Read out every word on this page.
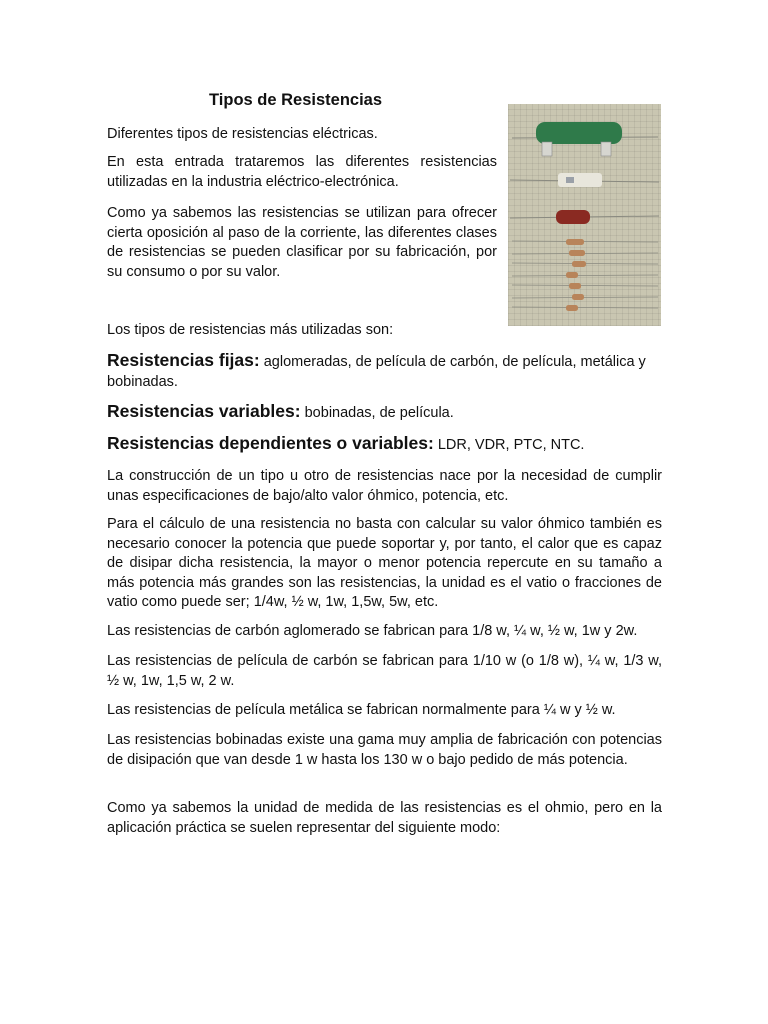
Tipos de Resistencias

Diferentes tipos de resistencias eléctricas.

En esta entrada trataremos las diferentes resistencias utilizadas en la industria eléctrico-electrónica.

Como ya sabemos las resistencias se utilizan para ofrecer cierta oposición al paso de la corriente, las diferentes clases de resistencias se pueden clasificar por su fabricación, por su consumo o por su valor.

Los tipos de resistencias más utilizadas son:

Resistencias fijas: aglomeradas, de película de carbón, de película, metálica y bobinadas.

Resistencias variables: bobinadas, de película.

Resistencias dependientes o variables: LDR, VDR, PTC, NTC.

La construcción de un tipo u otro de resistencias nace por la necesidad de cumplir unas especificaciones de bajo/alto valor óhmico, potencia, etc.

Para el cálculo de una resistencia no basta con calcular su valor óhmico también es necesario conocer la potencia que puede soportar y, por tanto, el calor que es capaz de disipar dicha resistencia, la mayor o menor potencia repercute en su tamaño a más potencia más grandes son las resistencias, la unidad es el vatio o fracciones de vatio como puede ser; 1/4w, ½ w, 1w, 1,5w, 5w, etc.

Las resistencias de carbón aglomerado se fabrican para 1/8 w, ¼ w, ½ w, 1w y 2w.

Las resistencias de película de carbón se fabrican para 1/10 w (o 1/8 w), ¼ w, 1/3 w, ½ w, 1w, 1,5 w, 2 w.

Las resistencias de película metálica se fabrican normalmente para ¼ w y ½ w.

Las resistencias bobinadas existe una gama muy amplia de fabricación con potencias de disipación que van desde 1 w hasta los 130 w o bajo pedido de más potencia.

Como ya sabemos la unidad de medida de las resistencias es el ohmio, pero en la aplicación práctica se suelen representar del siguiente modo:
